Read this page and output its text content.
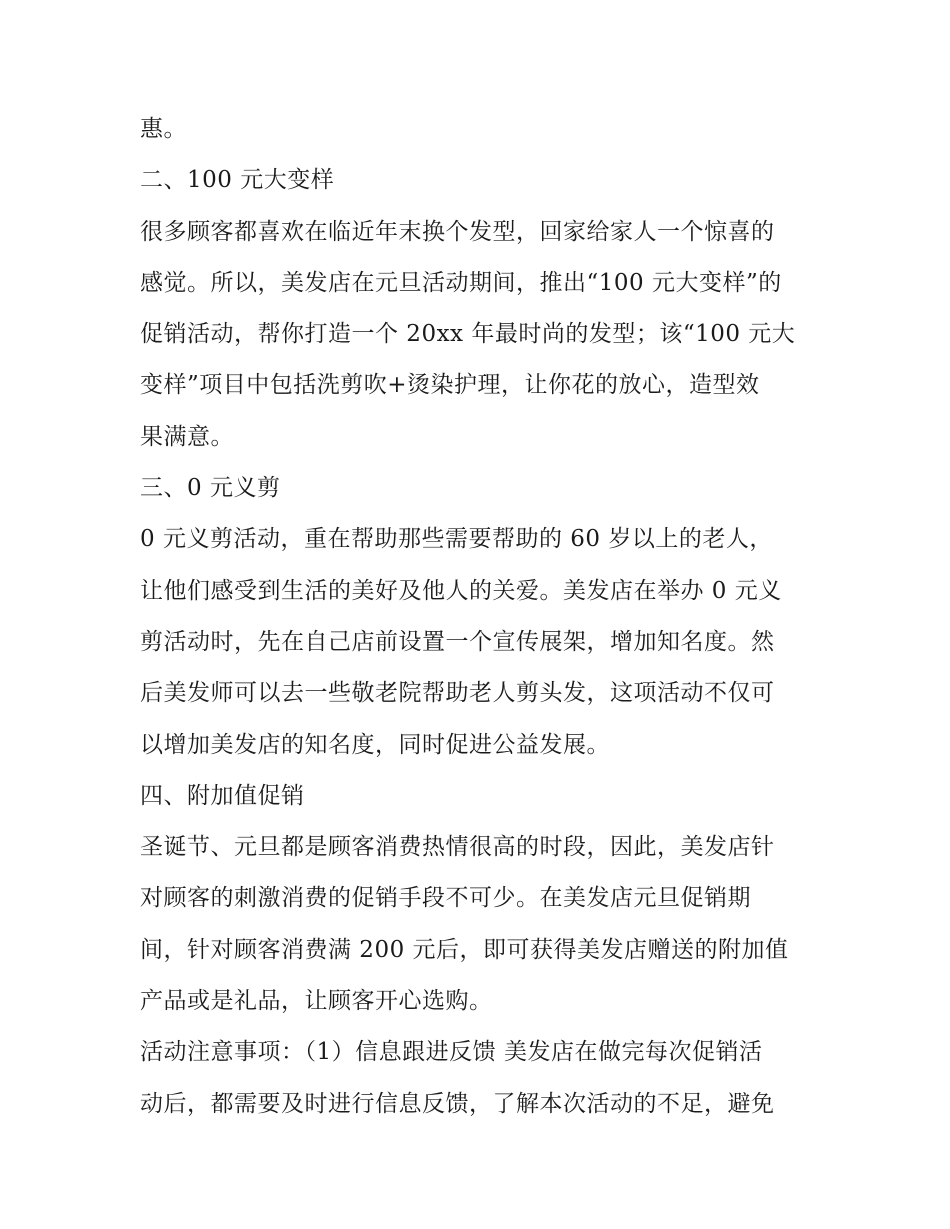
惠。
二、100 元大变样
很多顾客都喜欢在临近年末换个发型，回家给家人一个惊喜的
感觉。所以，美发店在元旦活动期间，推出“100 元大变样”的
促销活动，帮你打造一个 20xx 年最时尚的发型；该“100 元大
变样”项目中包括洗剪吹+烫染护理，让你花的放心，造型效
果满意。
三、0 元义剪
0 元义剪活动，重在帮助那些需要帮助的 60 岁以上的老人，
让他们感受到生活的美好及他人的关爱。美发店在举办 0 元义
剪活动时，先在自己店前设置一个宣传展架，增加知名度。然
后美发师可以去一些敬老院帮助老人剪头发，这项活动不仅可
以增加美发店的知名度，同时促进公益发展。
四、附加值促销
圣诞节、元旦都是顾客消费热情很高的时段，因此，美发店针
对顾客的刺激消费的促销手段不可少。在美发店元旦促销期
间，针对顾客消费满 200 元后，即可获得美发店赠送的附加值
产品或是礼品，让顾客开心选购。
活动注意事项：（1）信息跟进反馈 美发店在做完每次促销活
动后，都需要及时进行信息反馈，了解本次活动的不足，避免
